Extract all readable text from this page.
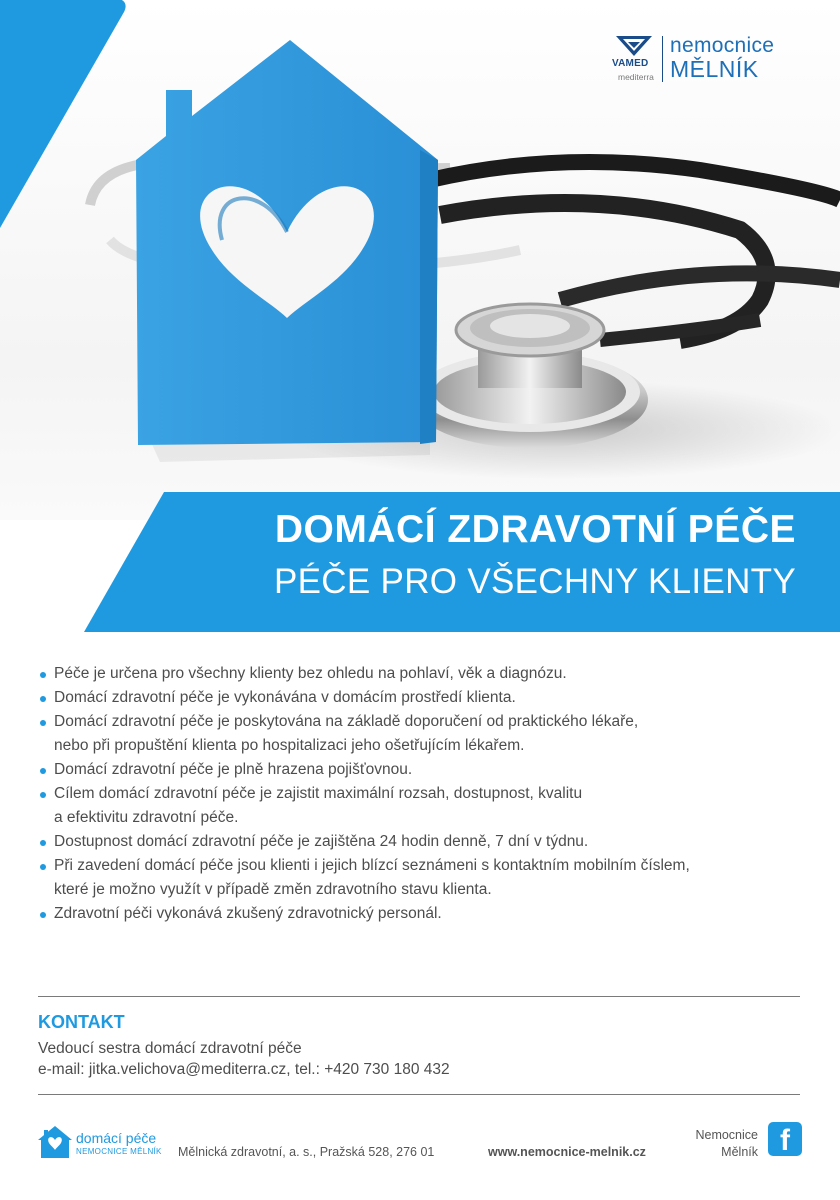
VAMED
mediterra
nemocnice
MĚLNÍK
DOMÁCÍ ZDRAVOTNÍ PÉČE
PÉČE PRO VŠECHNY KLIENTY
Péče je určena pro všechny klienty bez ohledu na pohlaví, věk a diagnózu.
Domácí zdravotní péče je vykonávána v domácím prostředí klienta.
Domácí zdravotní péče je poskytována na základě doporučení od praktického lékaře,
nebo při propuštění klienta po hospitalizaci jeho ošetřujícím lékařem.
Domácí zdravotní péče je plně hrazena pojišťovnou.
Cílem domácí zdravotní péče je zajistit maximální rozsah, dostupnost, kvalitu
a efektivitu zdravotní péče.
Dostupnost domácí zdravotní péče je zajištěna 24 hodin denně, 7 dní v týdnu.
Při zavedení domácí péče jsou klienti i jejich blízcí seznámeni s kontaktním mobilním číslem,
které je možno využít v případě změn zdravotního stavu klienta.
Zdravotní péči vykonává zkušený zdravotnický personál.
KONTAKT
Vedoucí sestra domácí zdravotní péče
e-mail: jitka.velichova@mediterra.cz, tel.: +420 730 180 432
domácí péče
NEMOCNICE MĚLNÍK Mělnická zdravotní, a. s., Pražská 528, 276 01	www.nemocnice-melnik.cz
Nemocnice
Mělník f
